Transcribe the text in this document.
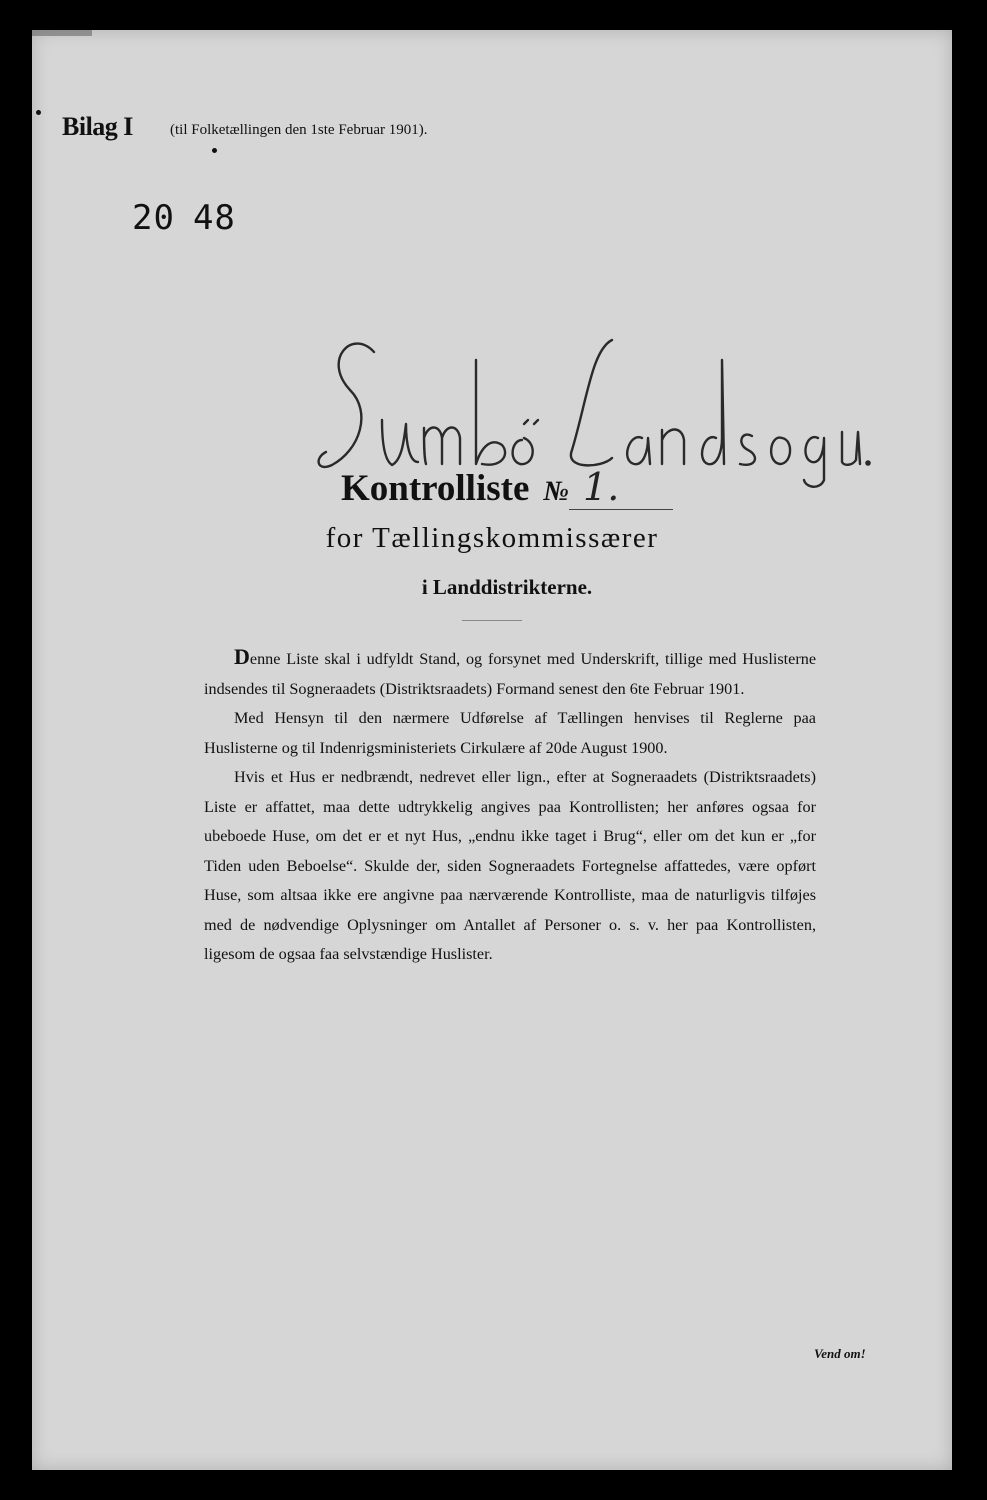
Bilag I (til Folketællingen den 1ste Februar 1901).
20 48
Kontrolliste № 1.
for Tællingskommissærer
i Landdistrikterne.

Denne Liste skal i udfyldt Stand, og forsynet med Underskrift, tillige med Huslisterne indsendes til Sogneraadets (Distriktsraadets) Formand senest den 6te Februar 1901.

Med Hensyn til den nærmere Udførelse af Tællingen henvises til Reglerne paa Huslisterne og til Indenrigsministeriets Cirkulære af 20de August 1900.

Hvis et Hus er nedbrændt, nedrevet eller lign., efter at Sogneraadets (Distriktsraadets) Liste er affattet, maa dette udtrykkelig angives paa Kontrollisten; her anføres ogsaa for ubeboede Huse, om det er et nyt Hus, „endnu ikke taget i Brug“, eller om det kun er „for Tiden uden Beboelse“. Skulde der, siden Sogneraadets Fortegnelse affattedes, være opført Huse, som altsaa ikke ere angivne paa nærværende Kontrolliste, maa de naturligvis tilføjes med de nødvendige Oplysninger om Antallet af Personer o. s. v. her paa Kontrollisten, ligesom de ogsaa faa selvstændige Huslister.

Vend om!
